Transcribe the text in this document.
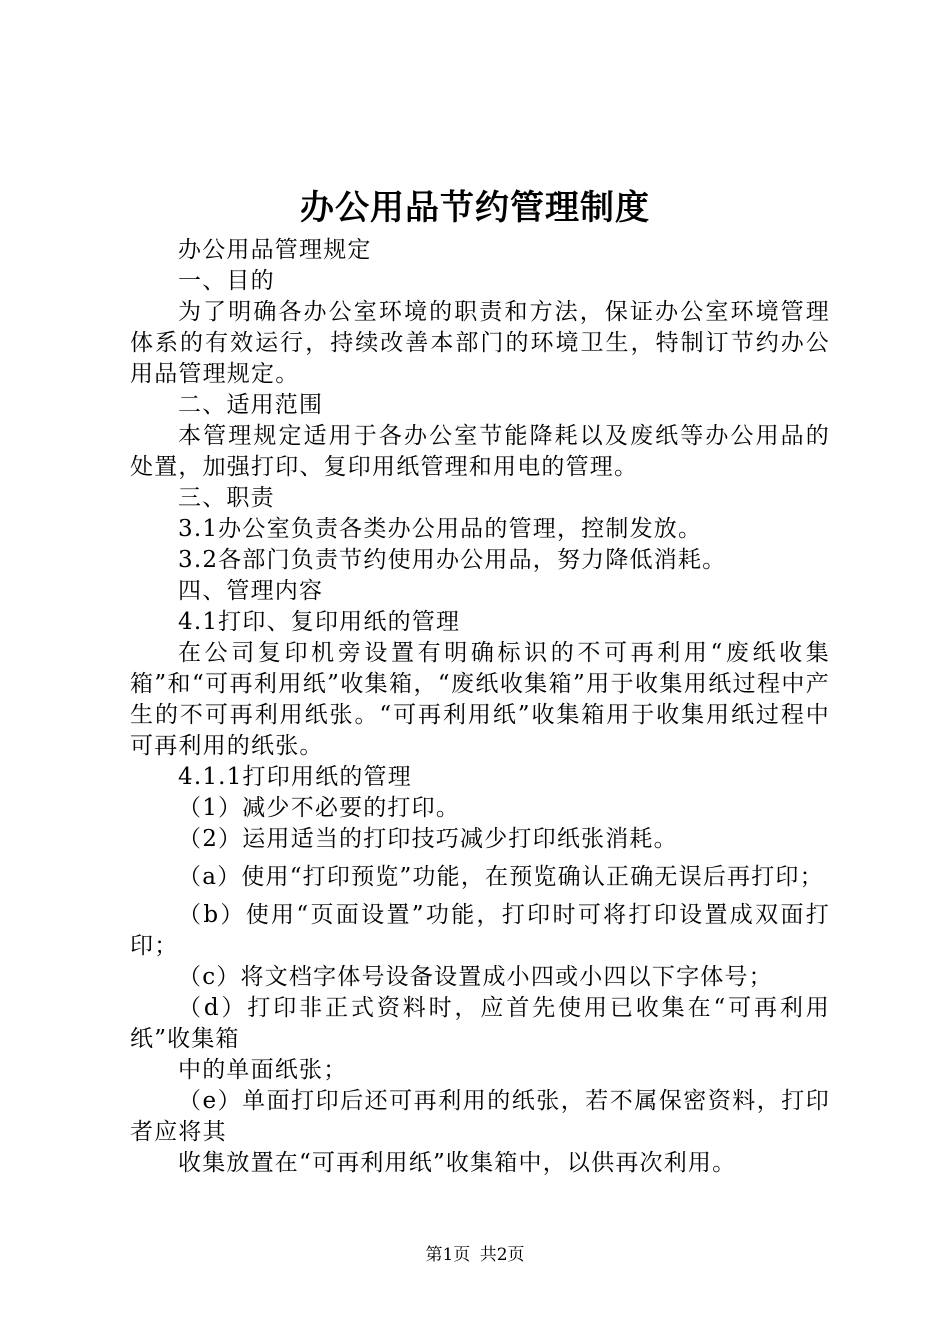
办公用品节约管理制度

办公用品管理规定

一、目的

为了明确各办公室环境的职责和方法，保证办公室环境管理体系的有效运行，持续改善本部门的环境卫生，特制订节约办公用品管理规定。

二、适用范围

本管理规定适用于各办公室节能降耗以及废纸等办公用品的处置，加强打印、复印用纸管理和用电的管理。

三、职责

3.1办公室负责各类办公用品的管理，控制发放。

3.2各部门负责节约使用办公用品，努力降低消耗。

四、管理内容

4.1打印、复印用纸的管理

在公司复印机旁设置有明确标识的不可再利用“废纸收集箱”和“可再利用纸”收集箱，“废纸收集箱”用于收集用纸过程中产生的不可再利用纸张。“可再利用纸”收集箱用于收集用纸过程中可再利用的纸张。

4.1.1打印用纸的管理

（1）减少不必要的打印。

（2）运用适当的打印技巧减少打印纸张消耗。

（a）使用“打印预览”功能，在预览确认正确无误后再打印；

（b）使用“页面设置”功能，打印时可将打印设置成双面打印；

（c）将文档字体号设备设置成小四或小四以下字体号；

（d）打印非正式资料时，应首先使用已收集在“可再利用纸”收集箱

中的单面纸张；

（e）单面打印后还可再利用的纸张，若不属保密资料，打印者应将其

收集放置在“可再利用纸”收集箱中，以供再次利用。

第1页 共2页
